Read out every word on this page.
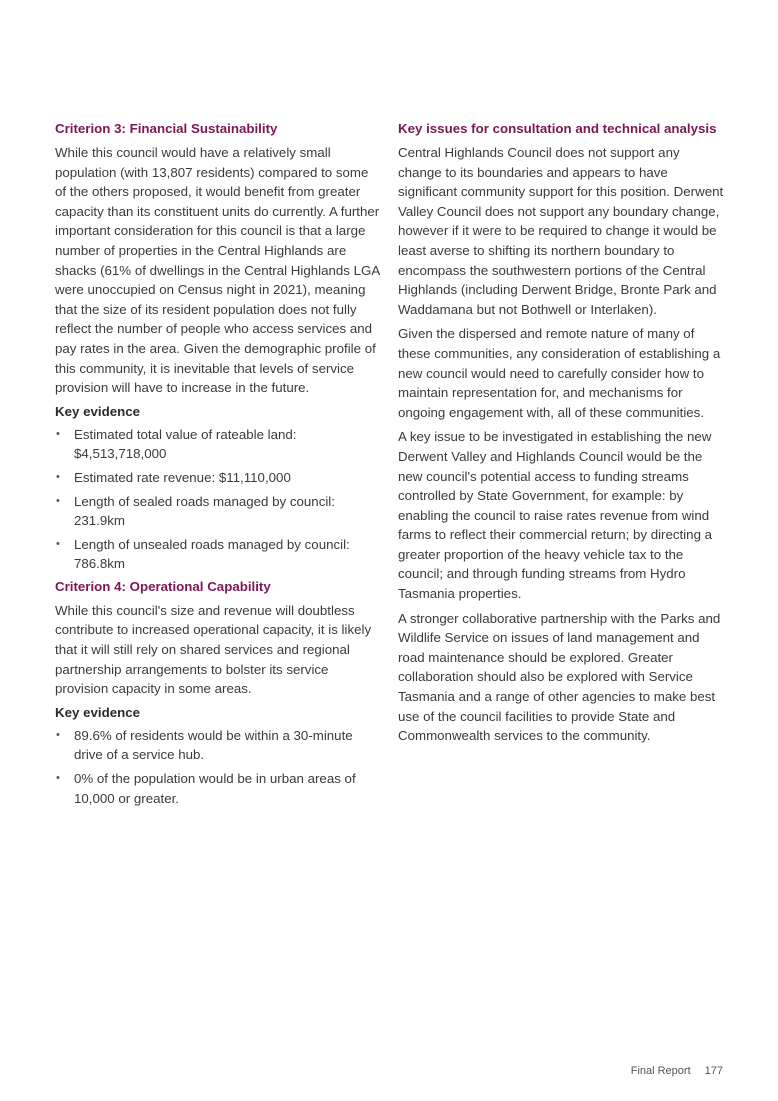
Criterion 3: Financial Sustainability

While this council would have a relatively small population (with 13,807 residents) compared to some of the others proposed, it would benefit from greater capacity than its constituent units do currently. A further important consideration for this council is that a large number of properties in the Central Highlands are shacks (61% of dwellings in the Central Highlands LGA were unoccupied on Census night in 2021), meaning that the size of its resident population does not fully reflect the number of people who access services and pay rates in the area. Given the demographic profile of this community, it is inevitable that levels of service provision will have to increase in the future.

Key evidence
• Estimated total value of rateable land: $4,513,718,000
• Estimated rate revenue: $11,110,000
• Length of sealed roads managed by council: 231.9km
• Length of unsealed roads managed by council: 786.8km
Criterion 4: Operational Capability

While this council's size and revenue will doubtless contribute to increased operational capacity, it is likely that it will still rely on shared services and regional partnership arrangements to bolster its service provision capacity in some areas.

Key evidence
• 89.6% of residents would be within a 30-minute drive of a service hub.
• 0% of the population would be in urban areas of 10,000 or greater.
Key issues for consultation and technical analysis

Central Highlands Council does not support any change to its boundaries and appears to have significant community support for this position. Derwent Valley Council does not support any boundary change, however if it were to be required to change it would be least averse to shifting its northern boundary to encompass the southwestern portions of the Central Highlands (including Derwent Bridge, Bronte Park and Waddamana but not Bothwell or Interlaken).

Given the dispersed and remote nature of many of these communities, any consideration of establishing a new council would need to carefully consider how to maintain representation for, and mechanisms for ongoing engagement with, all of these communities.

A key issue to be investigated in establishing the new Derwent Valley and Highlands Council would be the new council's potential access to funding streams controlled by State Government, for example: by enabling the council to raise rates revenue from wind farms to reflect their commercial return; by directing a greater proportion of the heavy vehicle tax to the council; and through funding streams from Hydro Tasmania properties.

A stronger collaborative partnership with the Parks and Wildlife Service on issues of land management and road maintenance should be explored. Greater collaboration should also be explored with Service Tasmania and a range of other agencies to make best use of the council facilities to provide State and Commonwealth services to the community.

Final Report 177
